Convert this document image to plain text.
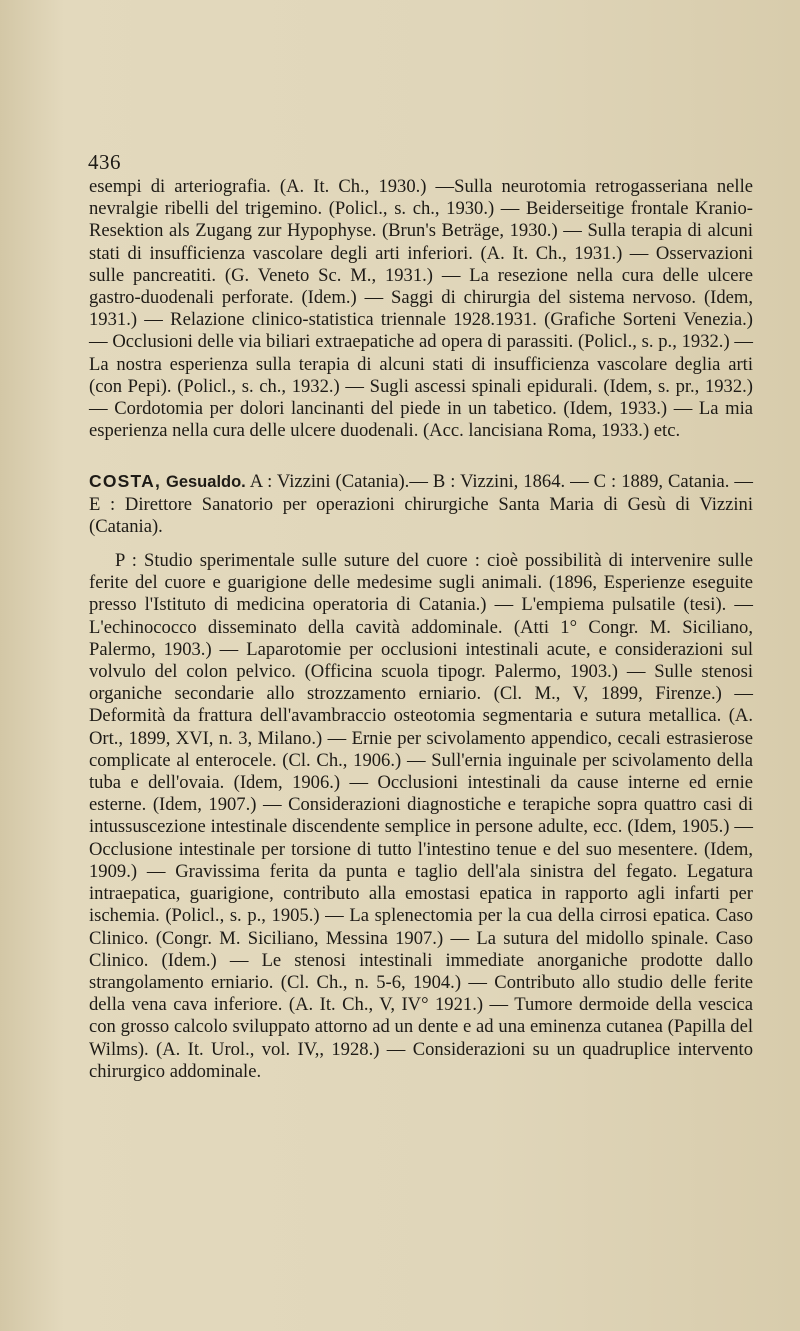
436

esempi di arteriografia. (A. It. Ch., 1930.) —Sulla neurotomia retrogasseriana nelle nevralgie ribelli del trigemino. (Policl., s. ch., 1930.) — Beiderseitige frontale Kranio-Resektion als Zugang zur Hypophyse. (Brun's Beträge, 1930.) — Sulla terapia di alcuni stati di insufficienza vascolare degli arti inferiori. (A. It. Ch., 1931.) — Osservazioni sulle pancreatiti. (G. Veneto Sc. M., 1931.) — La resezione nella cura delle ulcere gastro-duodenali perforate. (Idem.) — Saggi di chirurgia del sistema nervoso. (Idem, 1931.) — Relazione clinico-statistica triennale 1928.1931. (Grafiche Sorteni Venezia.) — Occlusioni delle via biliari extraepatiche ad opera di parassiti. (Policl., s. p., 1932.) — La nostra esperienza sulla terapia di alcuni stati di insufficienza vascolare deglia arti (con Pepi). (Policl., s. ch., 1932.) — Sugli ascessi spinali epidurali. (Idem, s. pr., 1932.) — Cordotomia per dolori lancinanti del piede in un tabetico. (Idem, 1933.) — La mia esperienza nella cura delle ulcere duodenali. (Acc. lancisiana Roma, 1933.) etc.

COSTA, Gesualdo. A : Vizzini (Catania).— B : Vizzini, 1864. — C : 1889, Catania. — E : Direttore Sanatorio per operazioni chirurgiche Santa Maria di Gesù di Vizzini (Catania).

P : Studio sperimentale sulle suture del cuore : cioè possibilità di intervenire sulle ferite del cuore e guarigione delle medesime sugli animali. (1896, Esperienze eseguite presso l'Istituto di medicina operatoria di Catania.) — L'empiema pulsatile (tesi). — L'echinococco disseminato della cavità addominale. (Atti 1° Congr. M. Siciliano, Palermo, 1903.) — Laparotomie per occlusioni intestinali acute, e considerazioni sul volvulo del colon pelvico. (Officina scuola tipogr. Palermo, 1903.) — Sulle stenosi organiche secondarie allo strozzamento erniario. (Cl. M., V, 1899, Firenze.) — Deformità da frattura dell'avambraccio osteotomia segmentaria e sutura metallica. (A. Ort., 1899, XVI, n. 3, Milano.) — Ernie per scivolamento appendico, cecali estrasierose complicate al enterocele. (Cl. Ch., 1906.) — Sull'ernia inguinale per scivolamento della tuba e dell'ovaia. (Idem, 1906.) — Occlusioni intestinali da cause interne ed ernie esterne. (Idem, 1907.) — Considerazioni diagnostiche e terapiche sopra quattro casi di intussuscezione intestinale discendente semplice in persone adulte, ecc. (Idem, 1905.) — Occlusione intestinale per torsione di tutto l'intestino tenue e del suo mesentere. (Idem, 1909.) — Gravissima ferita da punta e taglio dell'ala sinistra del fegato. Legatura intraepatica, guarigione, contributo alla emostasi epatica in rapporto agli infarti per ischemia. (Policl., s. p., 1905.) — La splenectomia per la cua della cirrosi epatica. Caso Clinico. (Congr. M. Siciliano, Messina 1907.) — La sutura del midollo spinale. Caso Clinico. (Idem.) — Le stenosi intestinali immediate anorganiche prodotte dallo strangolamento erniario. (Cl. Ch., n. 5-6, 1904.) — Contributo allo studio delle ferite della vena cava inferiore. (A. It. Ch., V, IV° 1921.) — Tumore dermoide della vescica con grosso calcolo sviluppato attorno ad un dente e ad una eminenza cutanea (Papilla del Wilms). (A. It. Urol., vol. IV,, 1928.) — Considerazioni su un quadruplice intervento chirurgico addominale.
